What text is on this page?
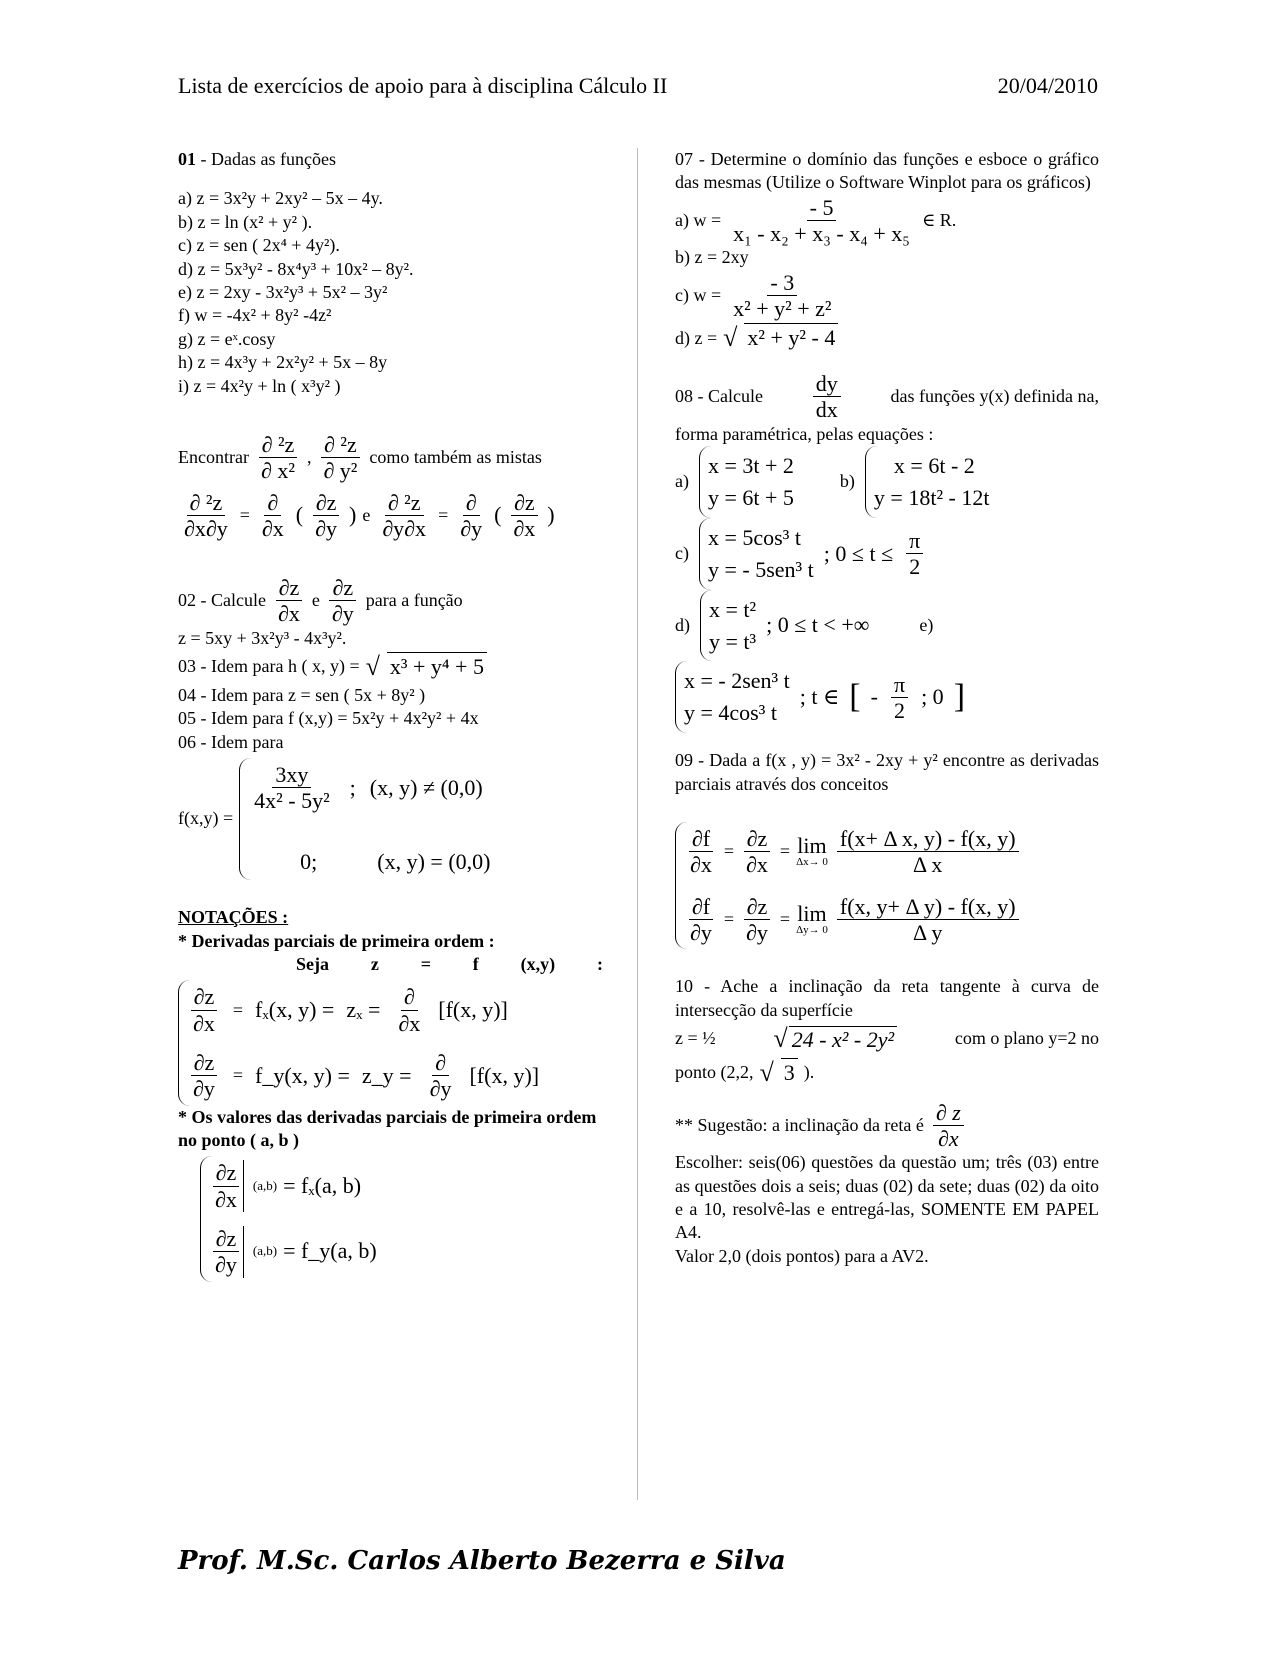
Lista de exercícios de apoio para à disciplina Cálculo II	20/04/2010
01 - Dadas as funções
a) z = 3x²y + 2xy² – 5x – 4y.
b) z = ln (x² + y² ).
c) z = sen ( 2x⁴ + 4y²).
d) z = 5x³y² - 8x⁴y³ + 10x² – 8y².
e) z = 2xy - 3x²y³ + 5x² – 3y²
f) w = -4x² + 8y² -4z²
g) z = eˣ.cosy
h) z = 4x³y + 2x²y² + 5x – 8y
i) z = 4x²y + ln ( x³y² )
Encontrar $\frac{\text{∂ ²z}}{\text{∂ x²}}$ , $\frac{\text{∂ ²z}}{\text{∂ y²}}$ como também as mistas
$\frac{\text{∂ ²z}}{\partial x\partial y} = \frac{\partial}{\partial x}$ ( $\frac{\partial z}{\partial y}$ ) e $\frac{\text{∂ ²z}}{\partial y\partial x} = \frac{\partial}{\partial y}$ ( $\frac{\partial z}{\partial x}$ )
02 - Calcule $\frac{\partial z}{\partial x}$ e $\frac{\partial z}{\partial y}$ para a função
z = 5xy + 3x²y³ - 4x³y².
03 - Idem para h ( x, y) = √ x³ + y⁴ + 5
04 - Idem para z = sen ( 5x + 8y² )
05 - Idem para f (x,y) = 5x²y + 4x²y² + 4x
06 - Idem para
f(x,y) =
$\frac{3xy}{\text{4x² - 5y²}}$ ; (x, y) ≠ (0,0)
0;	(x, y) = (0,0)
NOTAÇÕES :
* Derivadas parciais de primeira ordem :
Seja z = f (x,y) :
$\frac{\partial z}{\partial x} = f_x(x$, $y) = z_x = \frac{\partial}{\partial x} [f(x$, y)]
$\frac{\partial z}{\partial y}$ = f_y(x, y) = z_y = $\frac{\partial}{\partial y} [f(x$, y)]
* Os valores das derivadas parciais de primeira ordem no ponto ( a, b )
$\frac{\partial z}{\partial x} (a,b) = f_x(a$, b)
$\frac{\partial z}{\partial y} (a,b)$ = f_y(a, b)
07 - Determine o domínio das funções e esboce o gráfico das mesmas (Utilize o Software Winplot para os gráficos)
a) $w = \frac{- 5}{\text{x₁ - x₂ + x₃ - x₄ + x₅}}$ ∈ R.
b) z = 2xy
c) $w = \frac{- 3}{\text{x² + y² + z²}}$
d) z = √ x² + y² - 4
08 - Calcule $\frac{dy}{dx}$	das funções y(x) definida na,
forma paramétrica, pelas equações :
a)
x = 3t + 2
y = 6t + 5
b)
x = 6t - 2
y = 18t² - 12t
c)
x = 5cos³ t
y = - 5sen³ t
; $0 \le t \le \frac{\pi}{2}$
d)
x = t²
y = t³
; 0 ≤ t < +∞	e)
x = - 2sen³ t
y = 4cos³ t
; t ∈ [ - $\frac{\pi}{2}$ ; 0 ]
09 - Dada a f(x , y) = 3x² - 2xy + y² encontre as derivadas parciais através dos conceitos
$\frac{\partial f}{\partial x} = \frac{\partial z}{\partial x} = \lim$
$\Delta x\to 0 \frac{\text{f(x+ Δ x, y) - f(x, y)}}{\text{Δ x}}$
$\frac{\partial f}{\partial y} = \frac{\partial z}{\partial y} = \lim$
$\Delta y\to 0 \frac{\text{f(x, y+ Δ y) - f(x, y)}}{\text{Δ y}}$
10 - Ache a inclinação da reta tangente à curva de intersecção da superfície
z = ½ √ 24 - x² - 2y²	com o plano y=2 no
ponto (2,2, √ 3 ).
** Sugestão: a inclinação da reta é $\frac{\partial z}{\partial x}$
Escolher: seis(06) questões da questão um; três (03) entre as questões dois a seis; duas (02) da sete; duas (02) da oito e a 10, resolvê-las e entregá-las, SOMENTE EM PAPEL A4.
Valor 2,0 (dois pontos) para a AV2.
Prof. M.Sc. Carlos Alberto Bezerra e Silva
